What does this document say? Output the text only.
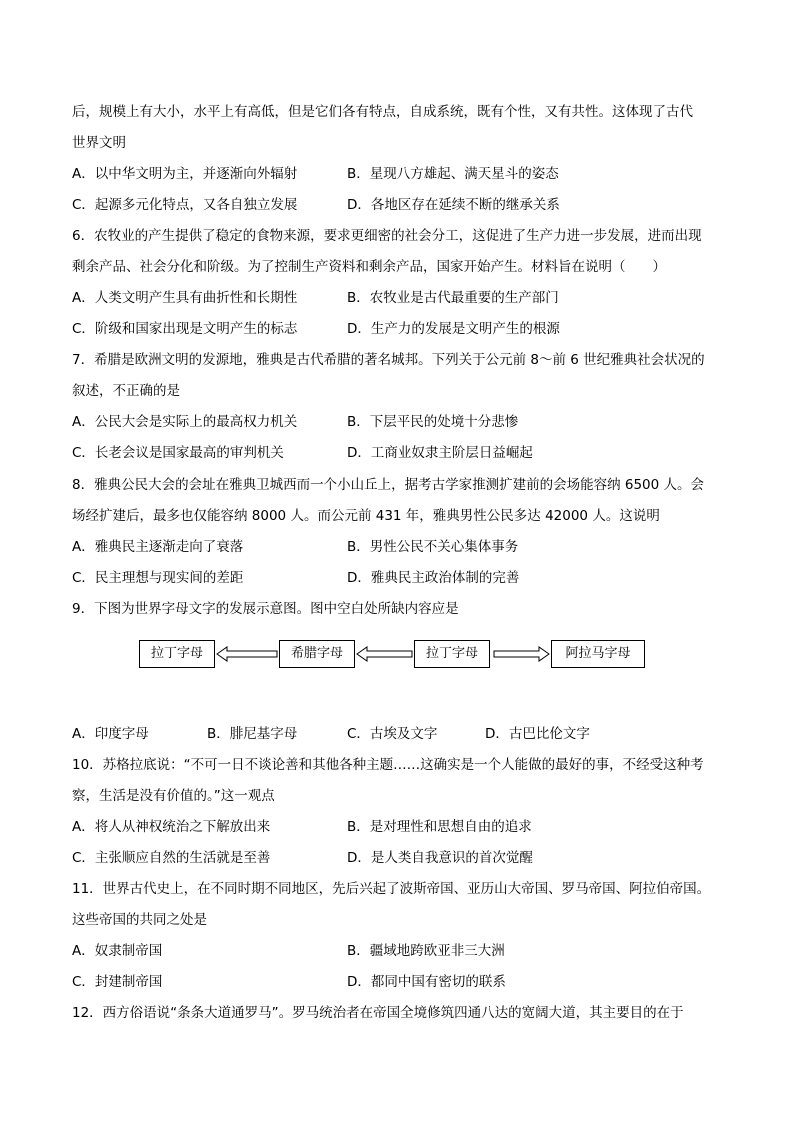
后，规模上有大小，水平上有高低，但是它们各有特点，自成系统，既有个性，又有共性。这体现了古代
世界文明
A．以中华文明为主，并逐渐向外辐射	B．星现八方雄起、满天星斗的姿态
C．起源多元化特点，又各自独立发展	D．各地区存在延续不断的继承关系
6．农牧业的产生提供了稳定的食物来源，要求更细密的社会分工，这促进了生产力进一步发展，进而出现
剩余产品、社会分化和阶级。为了控制生产资料和剩余产品，国家开始产生。材料旨在说明（　　）
A．人类文明产生具有曲折性和长期性	B．农牧业是古代最重要的生产部门
C．阶级和国家出现是文明产生的标志	D．生产力的发展是文明产生的根源
7．希腊是欧洲文明的发源地，雅典是古代希腊的著名城邦。下列关于公元前 8～前 6 世纪雅典社会状况的
叙述，不正确的是
A．公民大会是实际上的最高权力机关	B．下层平民的处境十分悲惨
C．长老会议是国家最高的审判机关	D．工商业奴隶主阶层日益崛起
8．雅典公民大会的会址在雅典卫城西而一个小山丘上，据考古学家推测扩建前的会场能容纳 6500 人。会
场经扩建后，最多也仅能容纳 8000 人。而公元前 431 年，雅典男性公民多达 42000 人。这说明
A．雅典民主逐渐走向了衰落	B．男性公民不关心集体事务
C．民主理想与现实间的差距	D．雅典民主政治体制的完善
9．下图为世界字母文字的发展示意图。图中空白处所缺内容应是
拉丁字母	希腊字母	拉丁字母	阿拉马字母
A．印度字母	B．腓尼基字母	C．古埃及文字	D．古巴比伦文字
10．苏格拉底说：“不可一日不谈论善和其他各种主题……这确实是一个人能做的最好的事，不经受这种考
察，生活是没有价值的。”这一观点
A．将人从神权统治之下解放出来	B．是对理性和思想自由的追求
C．主张顺应自然的生活就是至善	D．是人类自我意识的首次觉醒
11．世界古代史上，在不同时期不同地区，先后兴起了波斯帝国、亚历山大帝国、罗马帝国、阿拉伯帝国。
这些帝国的共同之处是
A．奴隶制帝国	B．疆域地跨欧亚非三大洲
C．封建制帝国	D．都同中国有密切的联系
12．西方俗语说“条条大道通罗马”。罗马统治者在帝国全境修筑四通八达的宽阔大道，其主要目的在于
